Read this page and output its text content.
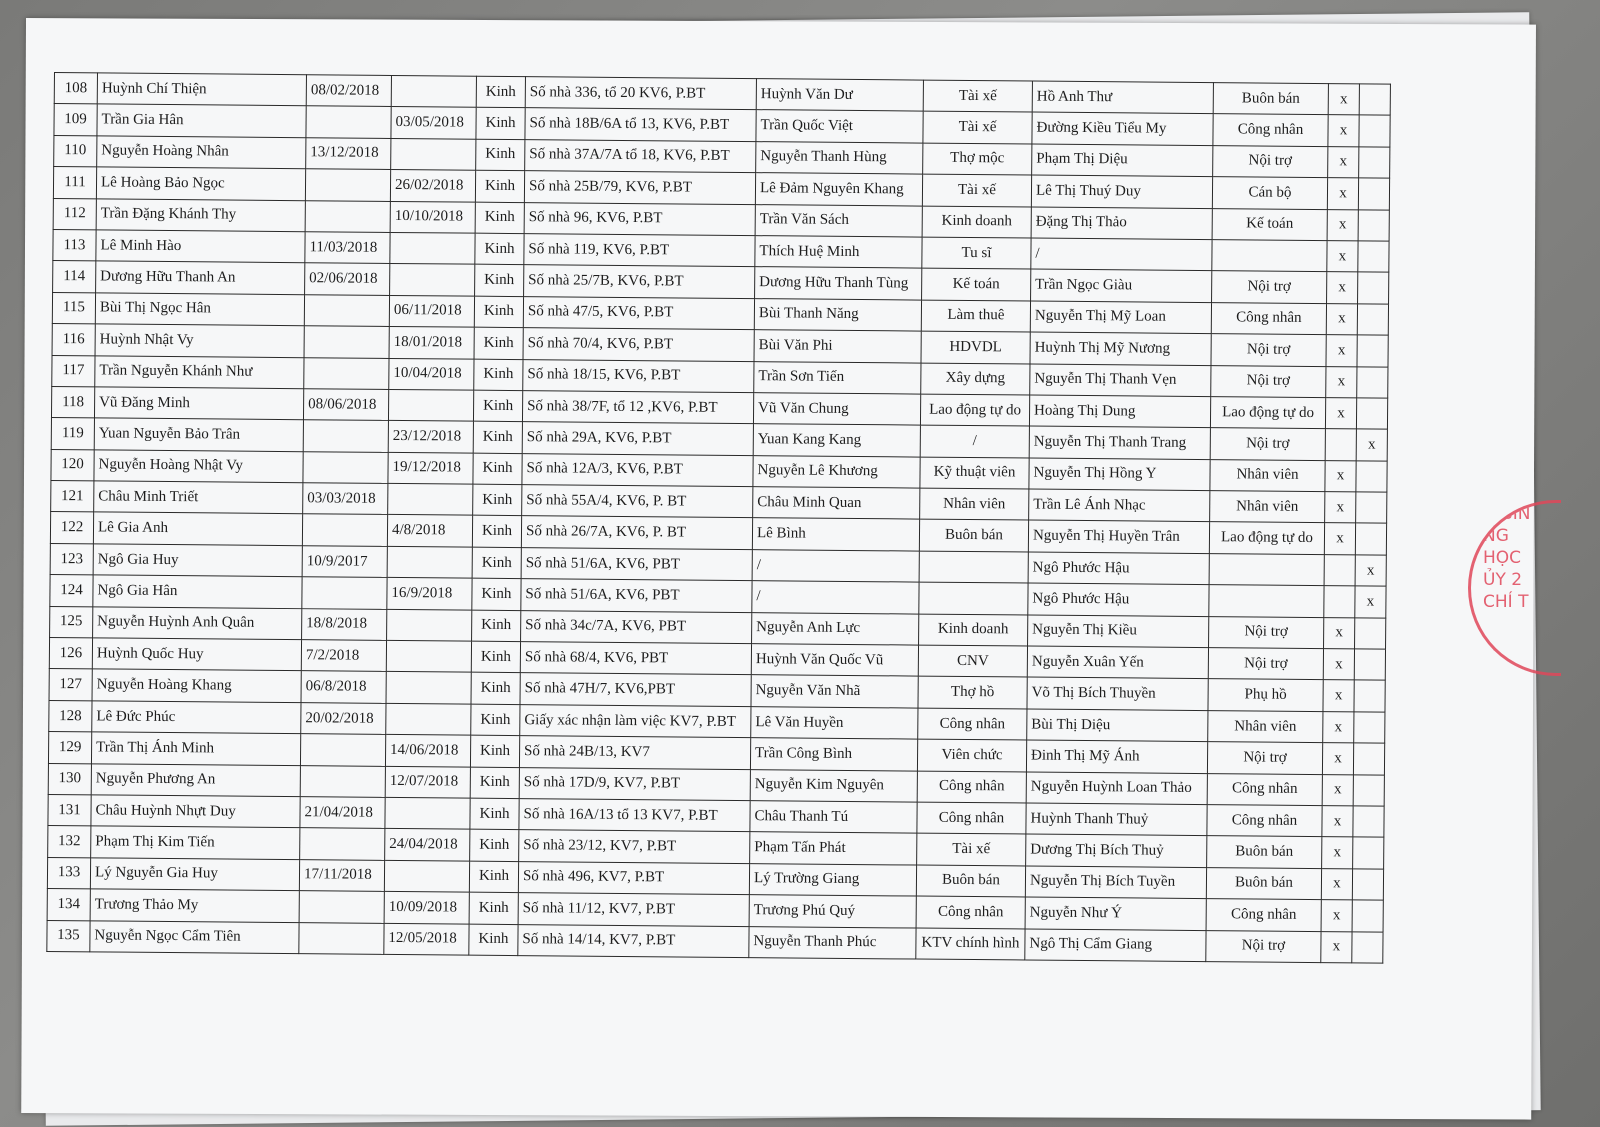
108	Huỳnh Chí Thiện	08/02/2018		Kinh	Số nhà 336, tổ 20 KV6, P.BT	Huỳnh Văn Dư	Tài xế	Hồ Anh Thư	Buôn bán	x	
109	Trần Gia Hân		03/05/2018	Kinh	Số nhà 18B/6A tổ 13, KV6, P.BT	Trần Quốc Việt	Tài xế	Đường Kiều Tiểu My	Công nhân	x	
110	Nguyễn Hoàng Nhân	13/12/2018		Kinh	Số nhà 37A/7A tổ 18, KV6, P.BT	Nguyễn Thanh Hùng	Thợ mộc	Phạm Thị Diệu	Nội trợ	x	
111	Lê Hoàng Bảo Ngọc		26/02/2018	Kinh	Số nhà 25B/79, KV6, P.BT	Lê Đảm Nguyên Khang	Tài xế	Lê Thị Thuý Duy	Cán bộ	x	
112	Trần Đặng Khánh Thy		10/10/2018	Kinh	Số nhà 96, KV6, P.BT	Trần Văn Sách	Kinh doanh	Đặng Thị Thảo	Kế toán	x	
113	Lê Minh Hào	11/03/2018		Kinh	Số nhà 119, KV6, P.BT	Thích Huệ Minh	Tu sĩ	/		x	
114	Dương Hữu Thanh An	02/06/2018		Kinh	Số nhà 25/7B, KV6, P.BT	Dương Hữu Thanh Tùng	Kế toán	Trần Ngọc Giàu	Nội trợ	x	
115	Bùi Thị Ngọc Hân		06/11/2018	Kinh	Số nhà 47/5, KV6, P.BT	Bùi Thanh Năng	Làm thuê	Nguyễn Thị Mỹ Loan	Công nhân	x	
116	Huỳnh Nhật Vy		18/01/2018	Kinh	Số nhà 70/4, KV6, P.BT	Bùi Văn Phi	HDVDL	Huỳnh Thị Mỹ Nương	Nội trợ	x	
117	Trần Nguyễn Khánh Như		10/04/2018	Kinh	Số nhà 18/15, KV6, P.BT	Trần Sơn Tiến	Xây dựng	Nguyễn Thị Thanh Vẹn	Nội trợ	x	
118	Vũ Đăng Minh	08/06/2018		Kinh	Số nhà 38/7F, tổ 12 ,KV6, P.BT	Vũ Văn Chung	Lao động tự do	Hoàng Thị Dung	Lao động tự do	x	
119	Yuan Nguyễn Bảo Trân		23/12/2018	Kinh	Số nhà 29A, KV6, P.BT	Yuan Kang Kang	/	Nguyễn Thị Thanh Trang	Nội trợ		x
120	Nguyễn Hoàng Nhật Vy		19/12/2018	Kinh	Số nhà 12A/3, KV6, P.BT	Nguyễn Lê Khương	Kỹ thuật viên	Nguyễn Thị Hồng Y	Nhân viên	x	
121	Châu Minh Triết	03/03/2018		Kinh	Số nhà 55A/4, KV6, P. BT	Châu Minh Quan	Nhân viên	Trần Lê Ánh Nhạc	Nhân viên	x	
122	Lê Gia Anh		4/8/2018	Kinh	Số nhà 26/7A, KV6, P. BT	Lê Bình	Buôn bán	Nguyễn Thị Huyền Trân	Lao động tự do	x	
123	Ngô Gia Huy	10/9/2017		Kinh	Số nhà 51/6A, KV6, PBT	/		Ngô Phước Hậu			x
124	Ngô Gia Hân		16/9/2018	Kinh	Số nhà 51/6A, KV6, PBT	/		Ngô Phước Hậu			x
125	Nguyễn Huỳnh Anh Quân	18/8/2018		Kinh	Số nhà 34c/7A, KV6, PBT	Nguyễn Anh Lực	Kinh doanh	Nguyễn Thị Kiều	Nội trợ	x	
126	Huỳnh Quốc Huy	7/2/2018		Kinh	Số nhà 68/4, KV6, PBT	Huỳnh Văn Quốc Vũ	CNV	Nguyễn Xuân Yến	Nội trợ	x	
127	Nguyễn Hoàng Khang	06/8/2018		Kinh	Số nhà 47H/7, KV6,PBT	Nguyễn Văn Nhã	Thợ hồ	Võ Thị Bích Thuyền	Phụ hồ	x	
128	Lê Đức Phúc	20/02/2018		Kinh	Giấy xác nhận làm việc KV7, P.BT	Lê Văn Huyền	Công nhân	Bùi Thị Diệu	Nhân viên	x	
129	Trần Thị Ánh Minh		14/06/2018	Kinh	Số nhà 24B/13, KV7	Trần Công Bình	Viên chức	Đinh Thị Mỹ Ánh	Nội trợ	x	
130	Nguyễn Phương An		12/07/2018	Kinh	Số nhà 17D/9, KV7, P.BT	Nguyễn Kim Nguyên	Công nhân	Nguyễn Huỳnh Loan Thảo	Công nhân	x	
131	Châu Huỳnh Nhựt Duy	21/04/2018		Kinh	Số nhà 16A/13 tổ 13 KV7, P.BT	Châu Thanh Tú	Công nhân	Huỳnh Thanh Thuỷ	Công nhân	x	
132	Phạm Thị Kim Tiến		24/04/2018	Kinh	Số nhà 23/12, KV7, P.BT	Phạm Tấn Phát	Tài xế	Dương Thị Bích Thuỷ	Buôn bán	x	
133	Lý Nguyễn Gia Huy	17/11/2018		Kinh	Số nhà 496, KV7, P.BT	Lý Trường Giang	Buôn bán	Nguyễn Thị Bích Tuyền	Buôn bán	x	
134	Trương Thảo My		10/09/2018	Kinh	Số nhà 11/12, KV7, P.BT	Trương Phú Quý	Công nhân	Nguyễn Như Ý	Công nhân	x	
135	Nguyễn Ngọc Cẩm Tiên		12/05/2018	Kinh	Số nhà 14/14, KV7, P.BT	Nguyễn Thanh Phúc	KTV chính hình	Ngô Thị Cẩm Giang	Nội trợ	x	
N BÌN
NG
HỌC
ỦY 2
CHÍ T
